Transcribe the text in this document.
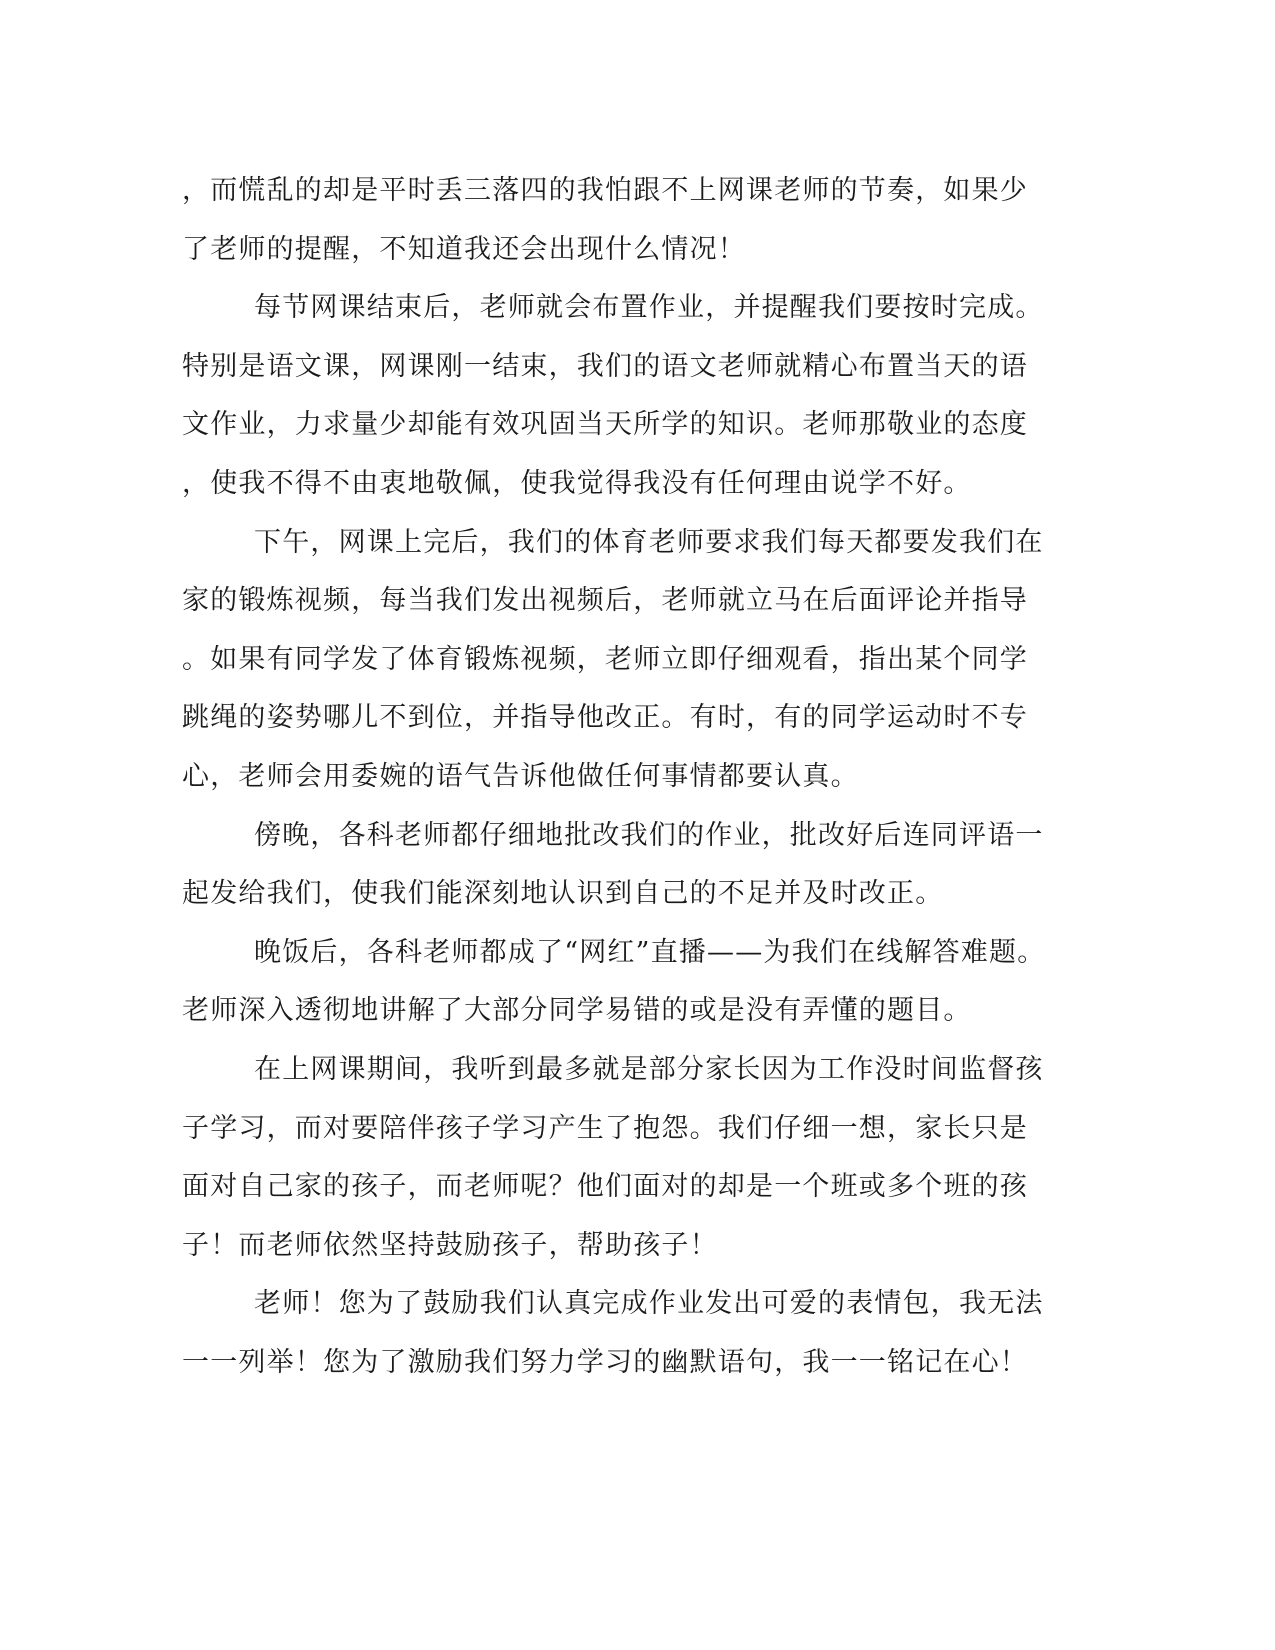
，而慌乱的却是平时丢三落四的我怕跟不上网课老师的节奏，如果少
了老师的提醒，不知道我还会出现什么情况！
每节网课结束后，老师就会布置作业，并提醒我们要按时完成。
特别是语文课，网课刚一结束，我们的语文老师就精心布置当天的语
文作业，力求量少却能有效巩固当天所学的知识。老师那敬业的态度
，使我不得不由衷地敬佩，使我觉得我没有任何理由说学不好。
下午，网课上完后，我们的体育老师要求我们每天都要发我们在
家的锻炼视频，每当我们发出视频后，老师就立马在后面评论并指导
。如果有同学发了体育锻炼视频，老师立即仔细观看，指出某个同学
跳绳的姿势哪儿不到位，并指导他改正。有时，有的同学运动时不专
心，老师会用委婉的语气告诉他做任何事情都要认真。
傍晚，各科老师都仔细地批改我们的作业，批改好后连同评语一
起发给我们，使我们能深刻地认识到自己的不足并及时改正。
晚饭后，各科老师都成了“网红”直播——为我们在线解答难题。
老师深入透彻地讲解了大部分同学易错的或是没有弄懂的题目。
在上网课期间，我听到最多就是部分家长因为工作没时间监督孩
子学习，而对要陪伴孩子学习产生了抱怨。我们仔细一想，家长只是
面对自己家的孩子，而老师呢？他们面对的却是一个班或多个班的孩
子！而老师依然坚持鼓励孩子，帮助孩子！
老师！您为了鼓励我们认真完成作业发出可爱的表情包，我无法
一一列举！您为了激励我们努力学习的幽默语句，我一一铭记在心！
